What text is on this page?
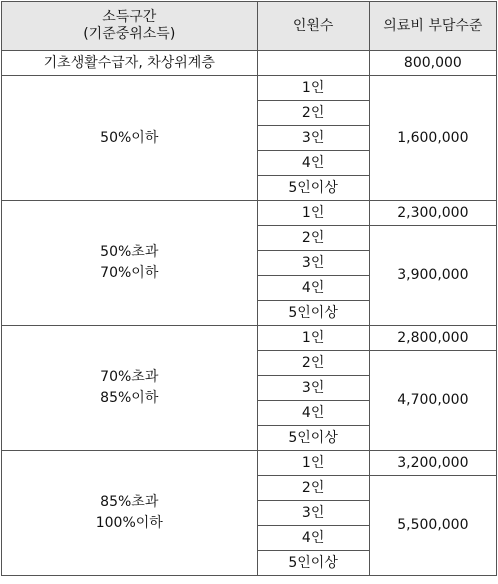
소득구간
(기준중위소득)	인원수	의료비 부담수준
기초생활수급자, 차상위계층		800,000

50%이하	1인	1,600,000
	2인	
	3인	
	4인	
	5인이상	

50%초과
70%이하	1인	2,300,000
	2인	3,900,000
	3인	
	4인	
	5인이상	

70%초과
85%이하	1인	2,800,000
	2인	4,700,000
	3인	
	4인	
	5인이상	

85%초과
100%이하	1인	3,200,000
	2인	5,500,000
	3인	
	4인	
	5인이상	
